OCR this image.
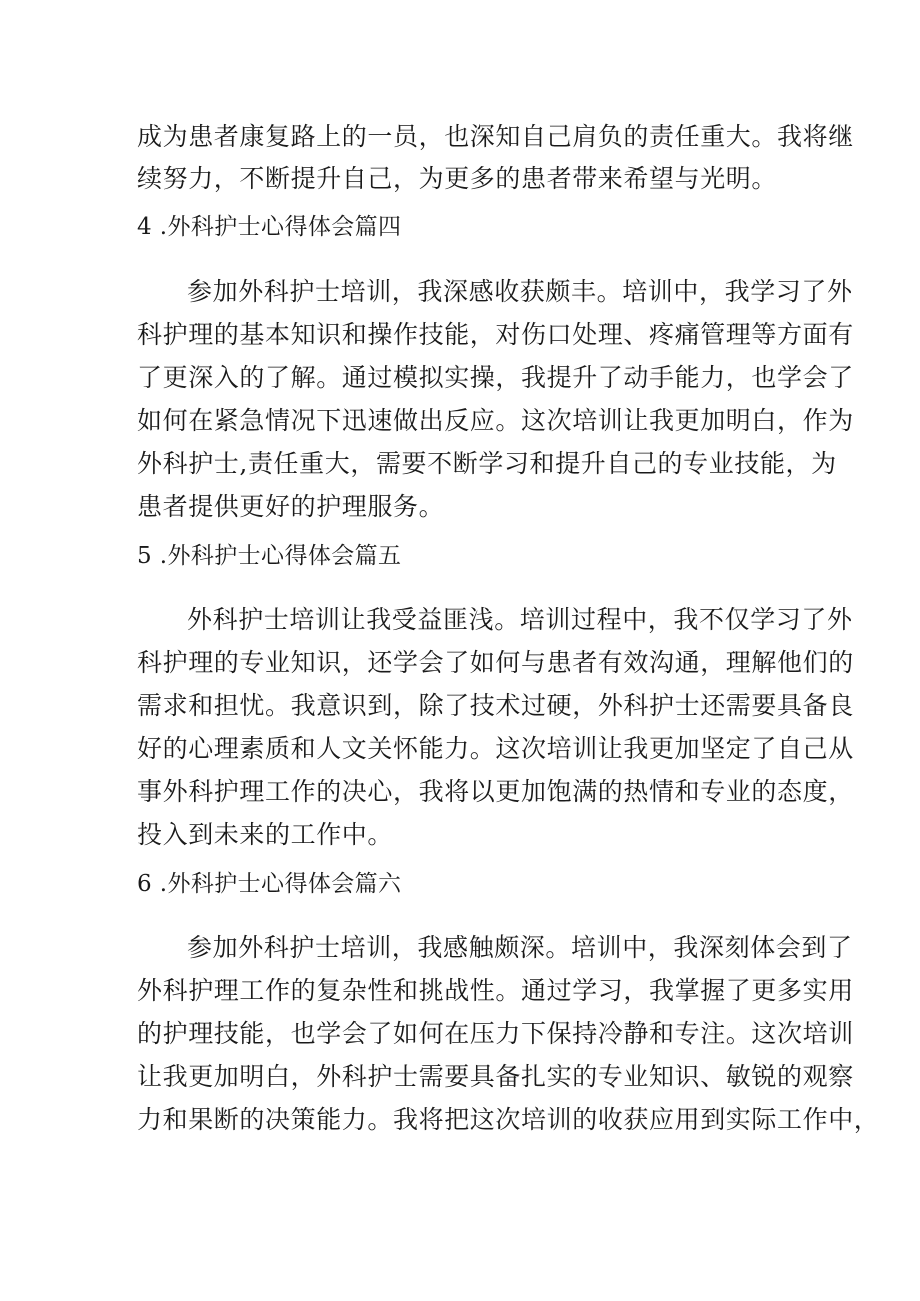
成为患者康复路上的一员，也深知自己肩负的责任重大。我将继
续努力，不断提升自己，为更多的患者带来希望与光明。
4 .外科护士心得体会篇四
参加外科护士培训，我深感收获颇丰。培训中，我学习了外
科护理的基本知识和操作技能，对伤口处理、疼痛管理等方面有
了更深入的了解。通过模拟实操，我提升了动手能力，也学会了
如何在紧急情况下迅速做出反应。这次培训让我更加明白，作为
外科护士,责任重大，需要不断学习和提升自己的专业技能，为
患者提供更好的护理服务。
5 .外科护士心得体会篇五
外科护士培训让我受益匪浅。培训过程中，我不仅学习了外
科护理的专业知识，还学会了如何与患者有效沟通，理解他们的
需求和担忧。我意识到，除了技术过硬，外科护士还需要具备良
好的心理素质和人文关怀能力。这次培训让我更加坚定了自己从
事外科护理工作的决心，我将以更加饱满的热情和专业的态度，
投入到未来的工作中。
6 .外科护士心得体会篇六
参加外科护士培训，我感触颇深。培训中，我深刻体会到了
外科护理工作的复杂性和挑战性。通过学习，我掌握了更多实用
的护理技能，也学会了如何在压力下保持冷静和专注。这次培训
让我更加明白，外科护士需要具备扎实的专业知识、敏锐的观察
力和果断的决策能力。我将把这次培训的收获应用到实际工作中，
